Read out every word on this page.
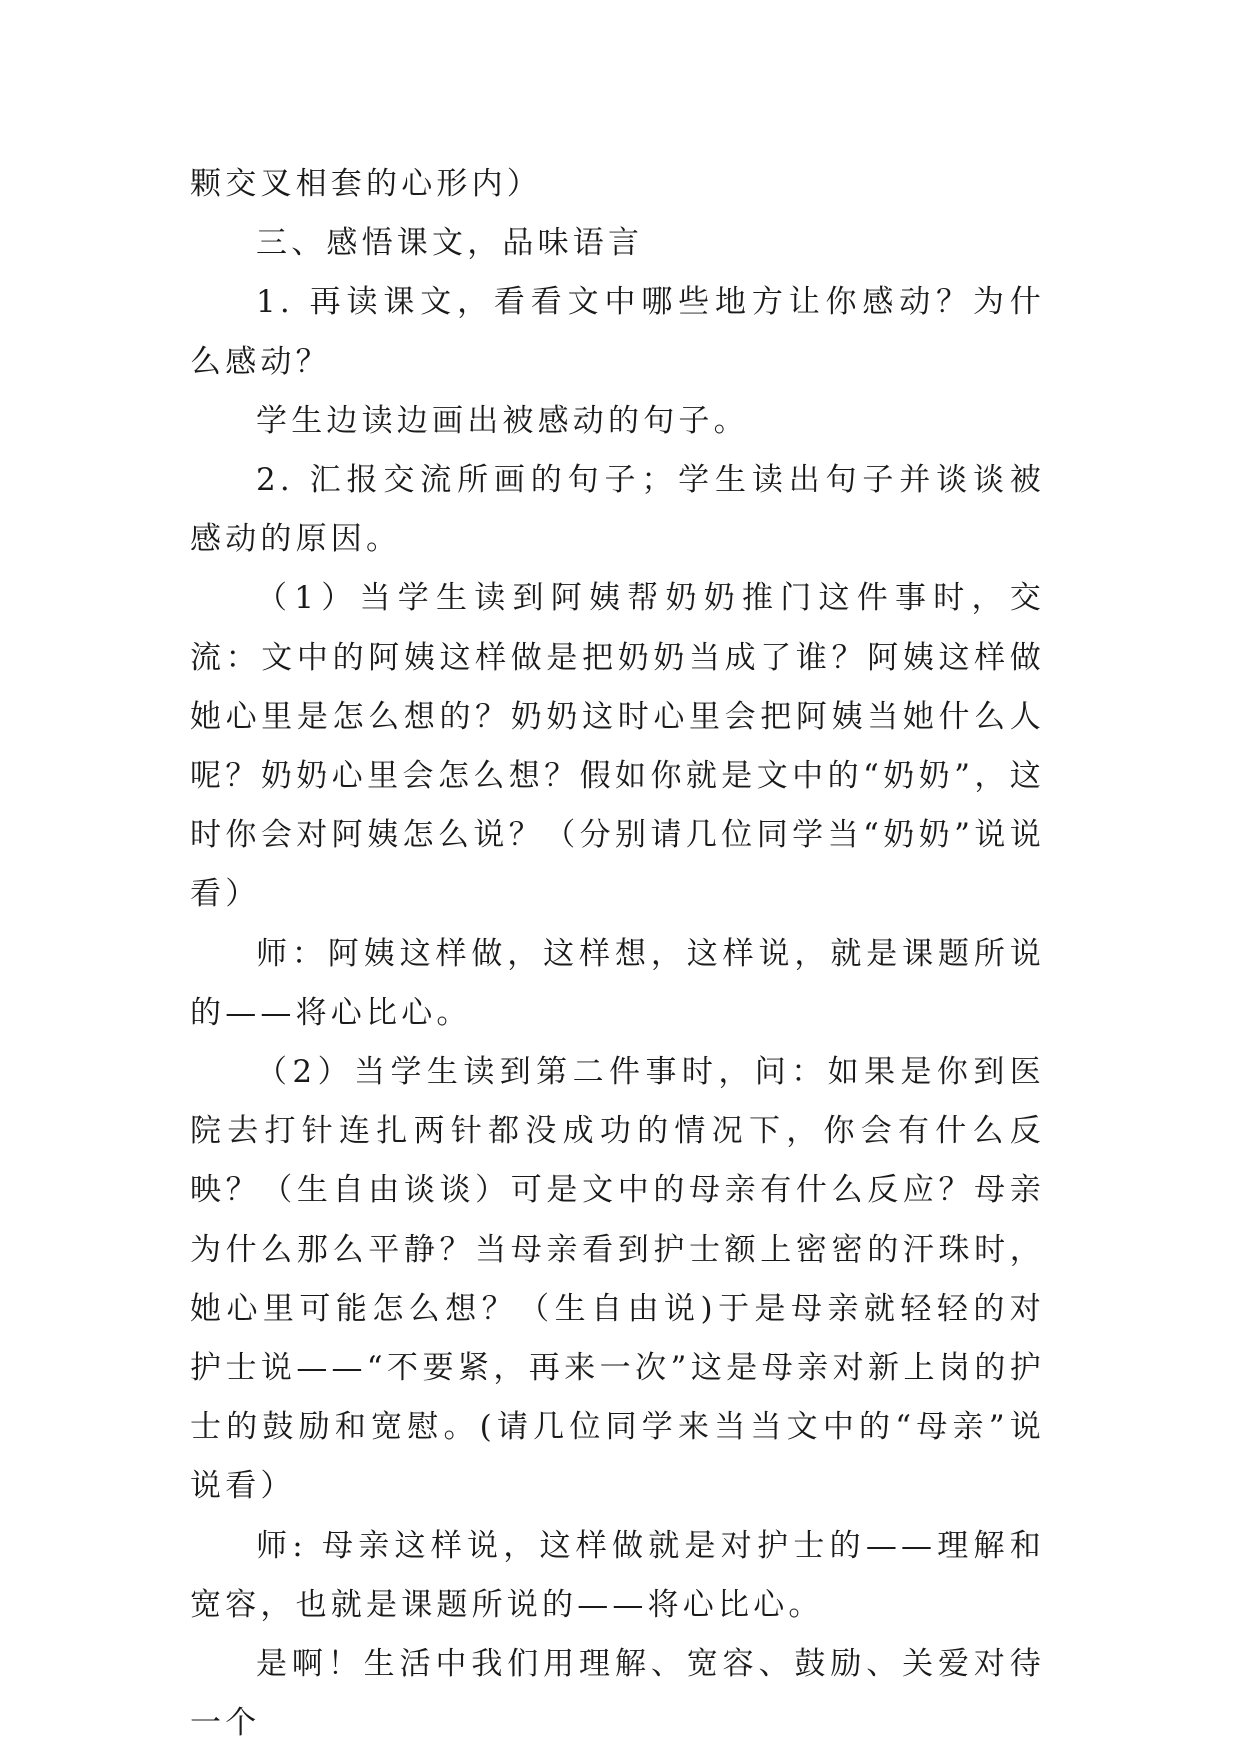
颗交叉相套的心形内）

三、感悟课文，品味语言

1. 再读课文，看看文中哪些地方让你感动？为什么感动？

学生边读边画出被感动的句子。

2. 汇报交流所画的句子；学生读出句子并谈谈被感动的原因。

（1）当学生读到阿姨帮奶奶推门这件事时，交流：文中的阿姨这样做是把奶奶当成了谁？阿姨这样做她心里是怎么想的？奶奶这时心里会把阿姨当她什么人呢？奶奶心里会怎么想？假如你就是文中的“奶奶”，这时你会对阿姨怎么说？（分别请几位同学当“奶奶”说说看）

师：阿姨这样做，这样想，这样说，就是课题所说的——将心比心。

（2）当学生读到第二件事时，问：如果是你到医院去打针连扎两针都没成功的情况下，你会有什么反映？（生自由谈谈）可是文中的母亲有什么反应？母亲为什么那么平静？当母亲看到护士额上密密的汗珠时，她心里可能怎么想？（生自由说)于是母亲就轻轻的对护士说——“不要紧，再来一次”这是母亲对新上岗的护士的鼓励和宽慰。(请几位同学来当当文中的“母亲”说说看）

师: 母亲这样说，这样做就是对护士的——理解和宽容，也就是课题所说的——将心比心。

是啊！生活中我们用理解、宽容、鼓励、关爱对待一个
